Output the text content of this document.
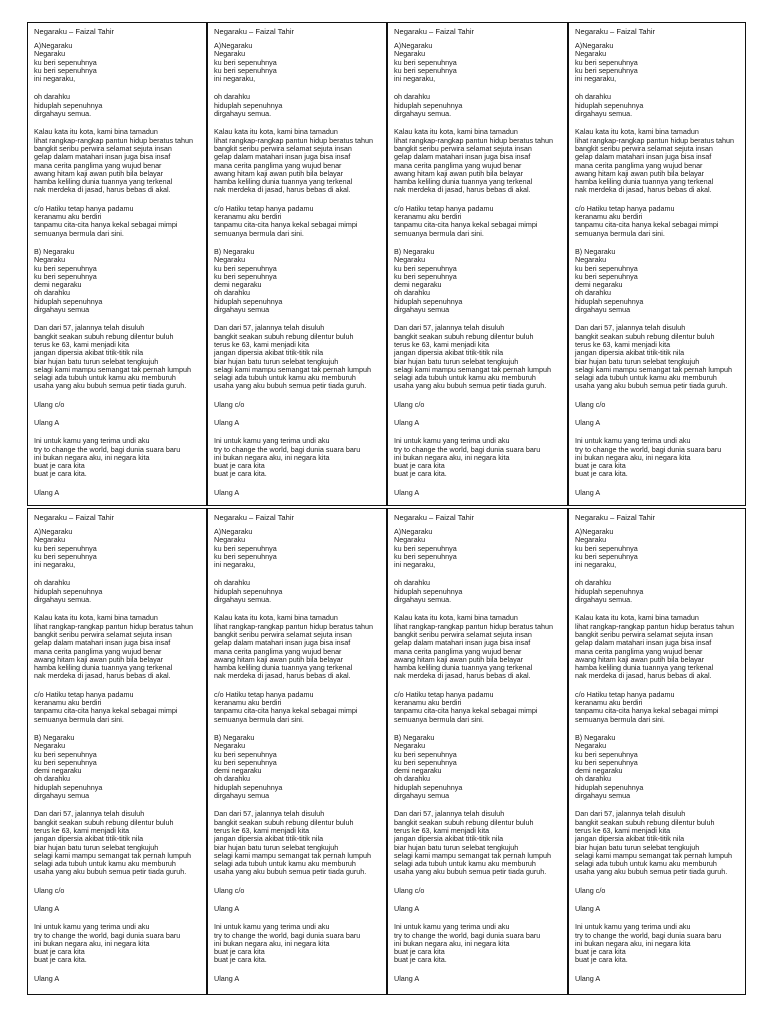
Negaraku – Faizal Tahir
A)Negaraku
Negaraku
ku beri sepenuhnya
ku beri sepenuhnya
ini negaraku,
oh darahku
hiduplah sepenuhnya
dirgahayu semua.
Kalau kata itu kota, kami bina tamadun
lihat rangkap-rangkap pantun hidup beratus tahun
bangkit seribu perwira selamat sejuta insan
gelap dalam matahari insan juga bisa insaf
mana cerita panglima yang wujud benar
awang hitam kaji awan putih bila belayar
hamba keliling dunia tuannya yang terkenal
nak merdeka di jasad, harus bebas di akal.
c/o Hatiku tetap hanya padamu
keranamu aku berdiri
tanpamu cita-cita hanya kekal sebagai mimpi
semuanya bermula dari sini.
B) Negaraku
Negaraku
ku beri sepenuhnya
ku beri sepenuhnya
demi negaraku
oh darahku
hiduplah sepenuhnya
dirgahayu semua
Dan dari 57, jalannya telah disuluh
bangkit seakan subuh rebung dilentur buluh
terus ke 63, kami menjadi kita
jangan dipersia akibat titik-titik nila
biar hujan batu turun selebat tengkujuh
selagi kami mampu semangat tak pernah lumpuh
selagi ada tubuh untuk kamu aku memburuh
usaha yang aku bubuh semua petir tiada guruh.
Ulang c/o
Ulang A
Ini untuk kamu yang terima undi aku
try to change the world, bagi dunia suara baru
ini bukan negara aku, ini negara kita
buat je cara kita
buat je cara kita.
Ulang A
Negaraku – Faizal Tahir
A)Negaraku
Negaraku
ku beri sepenuhnya
ku beri sepenuhnya
ini negaraku,
oh darahku
hiduplah sepenuhnya
dirgahayu semua.
Kalau kata itu kota, kami bina tamadun
lihat rangkap-rangkap pantun hidup beratus tahun
bangkit seribu perwira selamat sejuta insan
gelap dalam matahari insan juga bisa insaf
mana cerita panglima yang wujud benar
awang hitam kaji awan putih bila belayar
hamba keliling dunia tuannya yang terkenal
nak merdeka di jasad, harus bebas di akal.
c/o Hatiku tetap hanya padamu
keranamu aku berdiri
tanpamu cita-cita hanya kekal sebagai mimpi
semuanya bermula dari sini.
B) Negaraku
Negaraku
ku beri sepenuhnya
ku beri sepenuhnya
demi negaraku
oh darahku
hiduplah sepenuhnya
dirgahayu semua
Dan dari 57, jalannya telah disuluh
bangkit seakan subuh rebung dilentur buluh
terus ke 63, kami menjadi kita
jangan dipersia akibat titik-titik nila
biar hujan batu turun selebat tengkujuh
selagi kami mampu semangat tak pernah lumpuh
selagi ada tubuh untuk kamu aku memburuh
usaha yang aku bubuh semua petir tiada guruh.
Ulang c/o
Ulang A
Ini untuk kamu yang terima undi aku
try to change the world, bagi dunia suara baru
ini bukan negara aku, ini negara kita
buat je cara kita
buat je cara kita.
Ulang A
Negaraku – Faizal Tahir
A)Negaraku
Negaraku
ku beri sepenuhnya
ku beri sepenuhnya
ini negaraku,
oh darahku
hiduplah sepenuhnya
dirgahayu semua.
Kalau kata itu kota, kami bina tamadun
lihat rangkap-rangkap pantun hidup beratus tahun
bangkit seribu perwira selamat sejuta insan
gelap dalam matahari insan juga bisa insaf
mana cerita panglima yang wujud benar
awang hitam kaji awan putih bila belayar
hamba keliling dunia tuannya yang terkenal
nak merdeka di jasad, harus bebas di akal.
c/o Hatiku tetap hanya padamu
keranamu aku berdiri
tanpamu cita-cita hanya kekal sebagai mimpi
semuanya bermula dari sini.
B) Negaraku
Negaraku
ku beri sepenuhnya
ku beri sepenuhnya
demi negaraku
oh darahku
hiduplah sepenuhnya
dirgahayu semua
Dan dari 57, jalannya telah disuluh
bangkit seakan subuh rebung dilentur buluh
terus ke 63, kami menjadi kita
jangan dipersia akibat titik-titik nila
biar hujan batu turun selebat tengkujuh
selagi kami mampu semangat tak pernah lumpuh
selagi ada tubuh untuk kamu aku memburuh
usaha yang aku bubuh semua petir tiada guruh.
Ulang c/o
Ulang A
Ini untuk kamu yang terima undi aku
try to change the world, bagi dunia suara baru
ini bukan negara aku, ini negara kita
buat je cara kita
buat je cara kita.
Ulang A
Negaraku – Faizal Tahir
A)Negaraku
Negaraku
ku beri sepenuhnya
ku beri sepenuhnya
ini negaraku,
oh darahku
hiduplah sepenuhnya
dirgahayu semua.
Kalau kata itu kota, kami bina tamadun
lihat rangkap-rangkap pantun hidup beratus tahun
bangkit seribu perwira selamat sejuta insan
gelap dalam matahari insan juga bisa insaf
mana cerita panglima yang wujud benar
awang hitam kaji awan putih bila belayar
hamba keliling dunia tuannya yang terkenal
nak merdeka di jasad, harus bebas di akal.
c/o Hatiku tetap hanya padamu
keranamu aku berdiri
tanpamu cita-cita hanya kekal sebagai mimpi
semuanya bermula dari sini.
B) Negaraku
Negaraku
ku beri sepenuhnya
ku beri sepenuhnya
demi negaraku
oh darahku
hiduplah sepenuhnya
dirgahayu semua
Dan dari 57, jalannya telah disuluh
bangkit seakan subuh rebung dilentur buluh
terus ke 63, kami menjadi kita
jangan dipersia akibat titik-titik nila
biar hujan batu turun selebat tengkujuh
selagi kami mampu semangat tak pernah lumpuh
selagi ada tubuh untuk kamu aku memburuh
usaha yang aku bubuh semua petir tiada guruh.
Ulang c/o
Ulang A
Ini untuk kamu yang terima undi aku
try to change the world, bagi dunia suara baru
ini bukan negara aku, ini negara kita
buat je cara kita
buat je cara kita.
Ulang A
Negaraku – Faizal Tahir
A)Negaraku
Negaraku
ku beri sepenuhnya
ku beri sepenuhnya
ini negaraku,
oh darahku
hiduplah sepenuhnya
dirgahayu semua.
Kalau kata itu kota, kami bina tamadun
lihat rangkap-rangkap pantun hidup beratus tahun
bangkit seribu perwira selamat sejuta insan
gelap dalam matahari insan juga bisa insaf
mana cerita panglima yang wujud benar
awang hitam kaji awan putih bila belayar
hamba keliling dunia tuannya yang terkenal
nak merdeka di jasad, harus bebas di akal.
c/o Hatiku tetap hanya padamu
keranamu aku berdiri
tanpamu cita-cita hanya kekal sebagai mimpi
semuanya bermula dari sini.
B) Negaraku
Negaraku
ku beri sepenuhnya
ku beri sepenuhnya
demi negaraku
oh darahku
hiduplah sepenuhnya
dirgahayu semua
Dan dari 57, jalannya telah disuluh
bangkit seakan subuh rebung dilentur buluh
terus ke 63, kami menjadi kita
jangan dipersia akibat titik-titik nila
biar hujan batu turun selebat tengkujuh
selagi kami mampu semangat tak pernah lumpuh
selagi ada tubuh untuk kamu aku memburuh
usaha yang aku bubuh semua petir tiada guruh.
Ulang c/o
Ulang A
Ini untuk kamu yang terima undi aku
try to change the world, bagi dunia suara baru
ini bukan negara aku, ini negara kita
buat je cara kita
buat je cara kita.
Ulang A
Negaraku – Faizal Tahir
A)Negaraku
Negaraku
ku beri sepenuhnya
ku beri sepenuhnya
ini negaraku,
oh darahku
hiduplah sepenuhnya
dirgahayu semua.
Kalau kata itu kota, kami bina tamadun
lihat rangkap-rangkap pantun hidup beratus tahun
bangkit seribu perwira selamat sejuta insan
gelap dalam matahari insan juga bisa insaf
mana cerita panglima yang wujud benar
awang hitam kaji awan putih bila belayar
hamba keliling dunia tuannya yang terkenal
nak merdeka di jasad, harus bebas di akal.
c/o Hatiku tetap hanya padamu
keranamu aku berdiri
tanpamu cita-cita hanya kekal sebagai mimpi
semuanya bermula dari sini.
B) Negaraku
Negaraku
ku beri sepenuhnya
ku beri sepenuhnya
demi negaraku
oh darahku
hiduplah sepenuhnya
dirgahayu semua
Dan dari 57, jalannya telah disuluh
bangkit seakan subuh rebung dilentur buluh
terus ke 63, kami menjadi kita
jangan dipersia akibat titik-titik nila
biar hujan batu turun selebat tengkujuh
selagi kami mampu semangat tak pernah lumpuh
selagi ada tubuh untuk kamu aku memburuh
usaha yang aku bubuh semua petir tiada guruh.
Ulang c/o
Ulang A
Ini untuk kamu yang terima undi aku
try to change the world, bagi dunia suara baru
ini bukan negara aku, ini negara kita
buat je cara kita
buat je cara kita.
Ulang A
Negaraku – Faizal Tahir
A)Negaraku
Negaraku
ku beri sepenuhnya
ku beri sepenuhnya
ini negaraku,
oh darahku
hiduplah sepenuhnya
dirgahayu semua.
Kalau kata itu kota, kami bina tamadun
lihat rangkap-rangkap pantun hidup beratus tahun
bangkit seribu perwira selamat sejuta insan
gelap dalam matahari insan juga bisa insaf
mana cerita panglima yang wujud benar
awang hitam kaji awan putih bila belayar
hamba keliling dunia tuannya yang terkenal
nak merdeka di jasad, harus bebas di akal.
c/o Hatiku tetap hanya padamu
keranamu aku berdiri
tanpamu cita-cita hanya kekal sebagai mimpi
semuanya bermula dari sini.
B) Negaraku
Negaraku
ku beri sepenuhnya
ku beri sepenuhnya
demi negaraku
oh darahku
hiduplah sepenuhnya
dirgahayu semua
Dan dari 57, jalannya telah disuluh
bangkit seakan subuh rebung dilentur buluh
terus ke 63, kami menjadi kita
jangan dipersia akibat titik-titik nila
biar hujan batu turun selebat tengkujuh
selagi kami mampu semangat tak pernah lumpuh
selagi ada tubuh untuk kamu aku memburuh
usaha yang aku bubuh semua petir tiada guruh.
Ulang c/o
Ulang A
Ini untuk kamu yang terima undi aku
try to change the world, bagi dunia suara baru
ini bukan negara aku, ini negara kita
buat je cara kita
buat je cara kita.
Ulang A
Negaraku – Faizal Tahir
A)Negaraku
Negaraku
ku beri sepenuhnya
ku beri sepenuhnya
ini negaraku,
oh darahku
hiduplah sepenuhnya
dirgahayu semua.
Kalau kata itu kota, kami bina tamadun
lihat rangkap-rangkap pantun hidup beratus tahun
bangkit seribu perwira selamat sejuta insan
gelap dalam matahari insan juga bisa insaf
mana cerita panglima yang wujud benar
awang hitam kaji awan putih bila belayar
hamba keliling dunia tuannya yang terkenal
nak merdeka di jasad, harus bebas di akal.
c/o Hatiku tetap hanya padamu
keranamu aku berdiri
tanpamu cita-cita hanya kekal sebagai mimpi
semuanya bermula dari sini.
B) Negaraku
Negaraku
ku beri sepenuhnya
ku beri sepenuhnya
demi negaraku
oh darahku
hiduplah sepenuhnya
dirgahayu semua
Dan dari 57, jalannya telah disuluh
bangkit seakan subuh rebung dilentur buluh
terus ke 63, kami menjadi kita
jangan dipersia akibat titik-titik nila
biar hujan batu turun selebat tengkujuh
selagi kami mampu semangat tak pernah lumpuh
selagi ada tubuh untuk kamu aku memburuh
usaha yang aku bubuh semua petir tiada guruh.
Ulang c/o
Ulang A
Ini untuk kamu yang terima undi aku
try to change the world, bagi dunia suara baru
ini bukan negara aku, ini negara kita
buat je cara kita
buat je cara kita.
Ulang A
